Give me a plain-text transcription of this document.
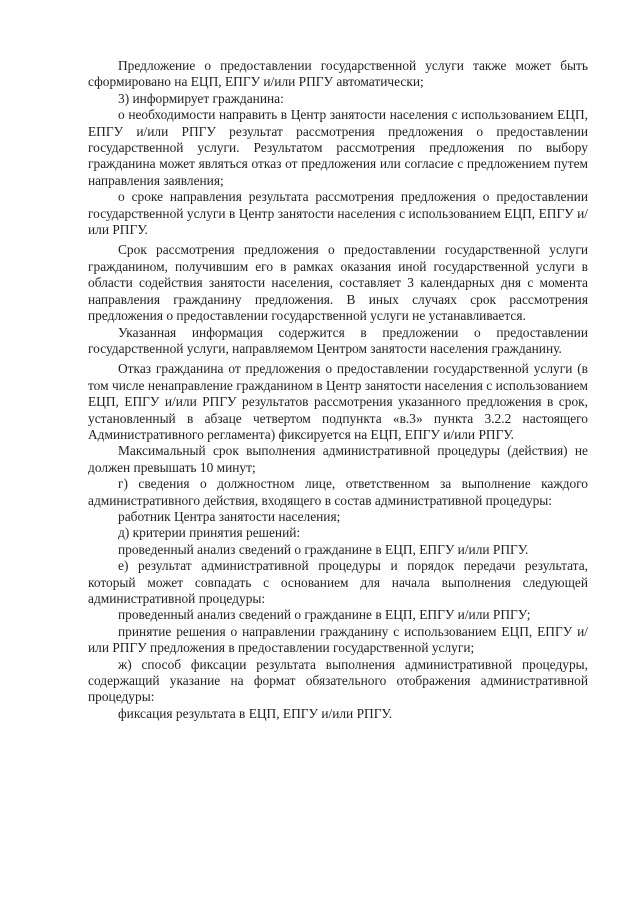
Предложение о предоставлении государственной услуги также может быть сформировано на ЕЦП, ЕПГУ и/или РПГУ автоматически;

3) информирует гражданина:

о необходимости направить в Центр занятости населения с использованием ЕЦП, ЕПГУ и/или РПГУ результат рассмотрения предложения о предоставлении государственной услуги. Результатом рассмотрения предложения по выбору гражданина может являться отказ от предложения или согласие с предложением путем направления заявления;

о сроке направления результата рассмотрения предложения о предоставлении государственной услуги в Центр занятости населения с использованием ЕЦП, ЕПГУ и/или РПГУ.

Срок рассмотрения предложения о предоставлении государственной услуги гражданином, получившим его в рамках оказания иной государственной услуги в области содействия занятости населения, составляет 3 календарных дня с момента направления гражданину предложения. В иных случаях срок рассмотрения предложения о предоставлении государственной услуги не устанавливается.

Указанная информация содержится в предложении о предоставлении государственной услуги, направляемом Центром занятости населения гражданину.

Отказ гражданина от предложения о предоставлении государственной услуги (в том числе ненаправление гражданином в Центр занятости населения с использованием ЕЦП, ЕПГУ и/или РПГУ результатов рассмотрения указанного предложения в срок, установленный в абзаце четвертом подпункта «в.3» пункта 3.2.2 настоящего Административного регламента) фиксируется на ЕЦП, ЕПГУ и/или РПГУ.

Максимальный срок выполнения административной процедуры (действия) не должен превышать 10 минут;

г) сведения о должностном лице, ответственном за выполнение каждого административного действия, входящего в состав административной процедуры:

работник Центра занятости населения;

д) критерии принятия решений:

проведенный анализ сведений о гражданине в ЕЦП, ЕПГУ и/или РПГУ.

е) результат административной процедуры и порядок передачи результата, который может совпадать с основанием для начала выполнения следующей административной процедуры:

проведенный анализ сведений о гражданине в ЕЦП, ЕПГУ и/или РПГУ;

принятие решения о направлении гражданину с использованием ЕЦП, ЕПГУ и/или РПГУ предложения в предоставлении государственной услуги;

ж) способ фиксации результата выполнения административной процедуры, содержащий указание на формат обязательного отображения административной процедуры:

фиксация результата в ЕЦП, ЕПГУ и/или РПГУ.
